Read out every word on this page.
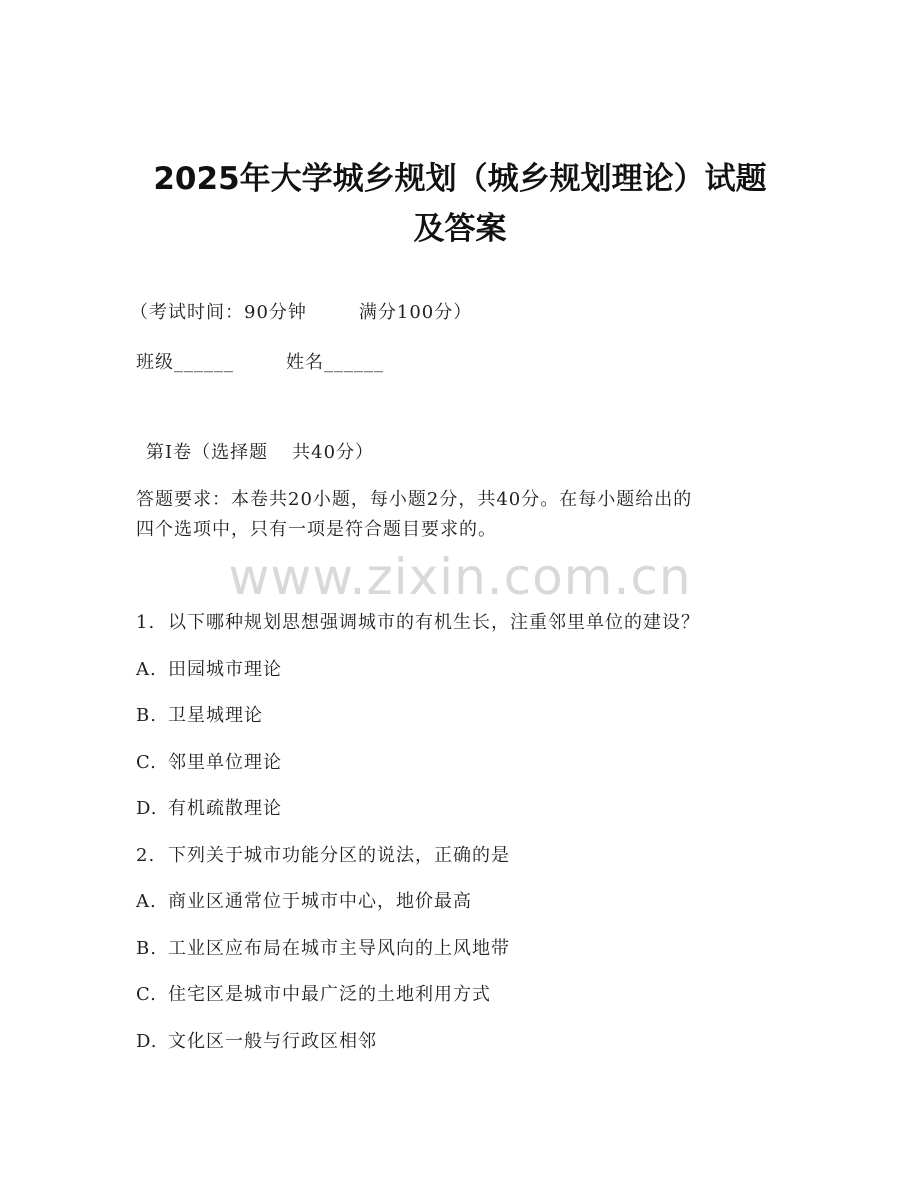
2025年大学城乡规划（城乡规划理论）试题
及答案
（考试时间：90分钟	满分100分）
班级______	姓名______
第Ⅰ卷（选择题 共40分）
答题要求：本卷共20小题，每小题2分，共40分。在每小题给出的
四个选项中，只有一项是符合题目要求的。
www.zixin.com.cn
1. 以下哪种规划思想强调城市的有机生长，注重邻里单位的建设？
A. 田园城市理论
B. 卫星城理论
C. 邻里单位理论
D. 有机疏散理论
2. 下列关于城市功能分区的说法，正确的是
A. 商业区通常位于城市中心，地价最高
B. 工业区应布局在城市主导风向的上风地带
C. 住宅区是城市中最广泛的土地利用方式
D. 文化区一般与行政区相邻
